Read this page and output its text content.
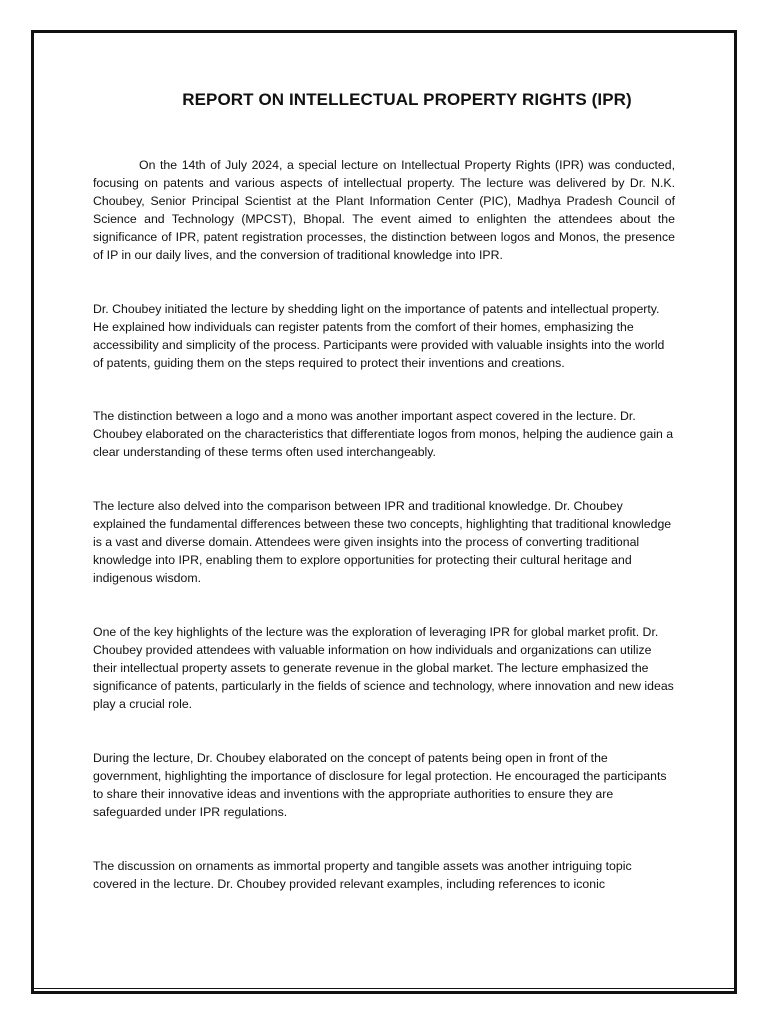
REPORT ON INTELLECTUAL PROPERTY RIGHTS (IPR)

On the 14th of July 2024, a special lecture on Intellectual Property Rights (IPR) was conducted, focusing on patents and various aspects of intellectual property. The lecture was delivered by Dr. N.K. Choubey, Senior Principal Scientist at the Plant Information Center (PIC), Madhya Pradesh Council of Science and Technology (MPCST), Bhopal. The event aimed to enlighten the attendees about the significance of IPR, patent registration processes, the distinction between logos and Monos, the presence of IP in our daily lives, and the conversion of traditional knowledge into IPR.

Dr. Choubey initiated the lecture by shedding light on the importance of patents and intellectual property. He explained how individuals can register patents from the comfort of their homes, emphasizing the accessibility and simplicity of the process. Participants were provided with valuable insights into the world of patents, guiding them on the steps required to protect their inventions and creations.

The distinction between a logo and a mono was another important aspect covered in the lecture. Dr. Choubey elaborated on the characteristics that differentiate logos from monos, helping the audience gain a clear understanding of these terms often used interchangeably.

The lecture also delved into the comparison between IPR and traditional knowledge. Dr. Choubey explained the fundamental differences between these two concepts, highlighting that traditional knowledge is a vast and diverse domain. Attendees were given insights into the process of converting traditional knowledge into IPR, enabling them to explore opportunities for protecting their cultural heritage and indigenous wisdom.

One of the key highlights of the lecture was the exploration of leveraging IPR for global market profit. Dr. Choubey provided attendees with valuable information on how individuals and organizations can utilize their intellectual property assets to generate revenue in the global market. The lecture emphasized the significance of patents, particularly in the fields of science and technology, where innovation and new ideas play a crucial role.

During the lecture, Dr. Choubey elaborated on the concept of patents being open in front of the government, highlighting the importance of disclosure for legal protection. He encouraged the participants to share their innovative ideas and inventions with the appropriate authorities to ensure they are safeguarded under IPR regulations.

The discussion on ornaments as immortal property and tangible assets was another intriguing topic covered in the lecture. Dr. Choubey provided relevant examples, including references to iconic
